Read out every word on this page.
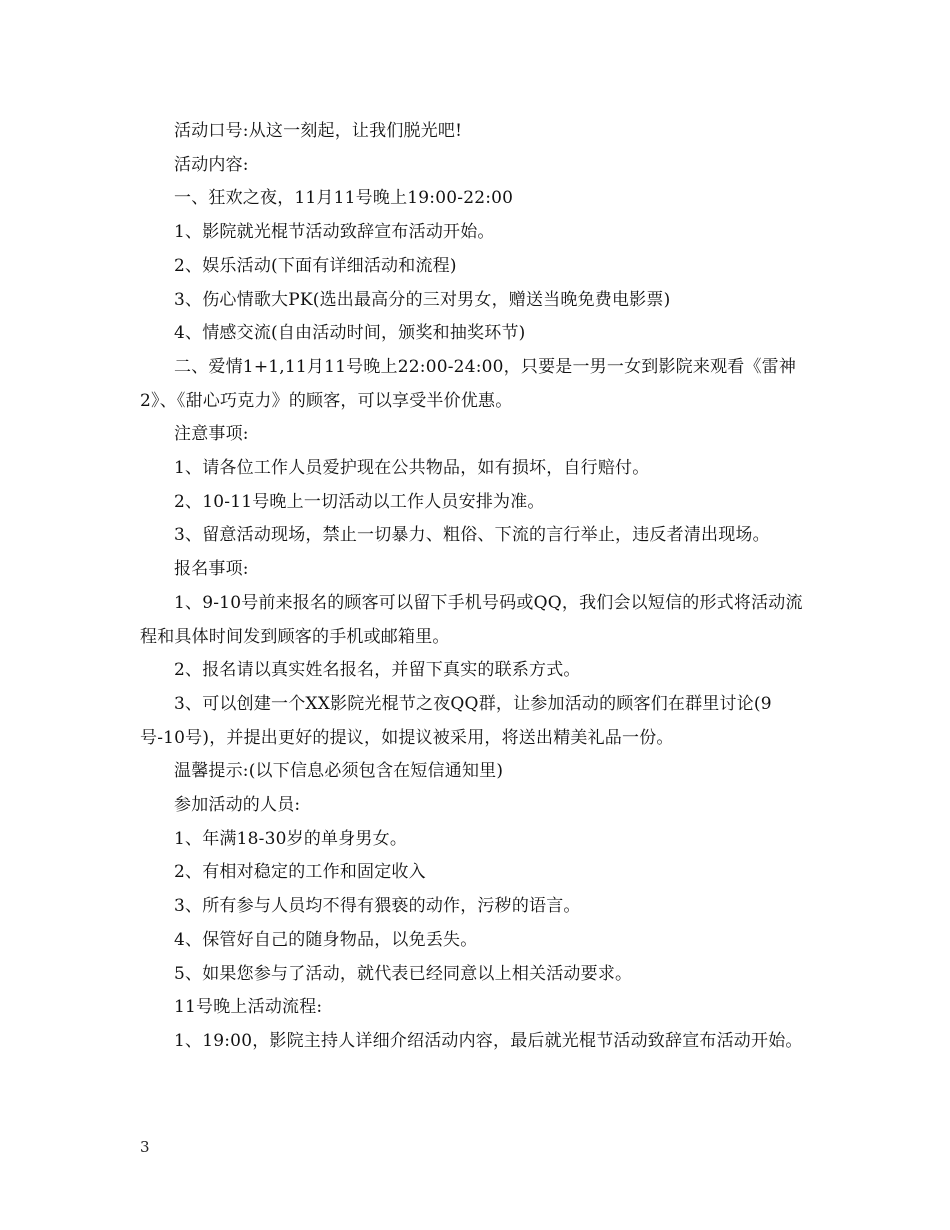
活动口号:从这一刻起，让我们脱光吧!

活动内容:

一、狂欢之夜，11月11号晚上19:00-22:00

1、影院就光棍节活动致辞宣布活动开始。

2、娱乐活动(下面有详细活动和流程)

3、伤心情歌大PK(选出最高分的三对男女，赠送当晚免费电影票)

4、情感交流(自由活动时间，颁奖和抽奖环节)

二、爱情1+1,11月11号晚上22:00-24:00，只要是一男一女到影院来观看《雷神2》、《甜心巧克力》的顾客，可以享受半价优惠。

注意事项:

1、请各位工作人员爱护现在公共物品，如有损坏，自行赔付。

2、10-11号晚上一切活动以工作人员安排为准。

3、留意活动现场，禁止一切暴力、粗俗、下流的言行举止，违反者清出现场。

报名事项:

1、9-10号前来报名的顾客可以留下手机号码或QQ，我们会以短信的形式将活动流程和具体时间发到顾客的手机或邮箱里。

2、报名请以真实姓名报名，并留下真实的联系方式。

3、可以创建一个XX影院光棍节之夜QQ群，让参加活动的顾客们在群里讨论(9号-10号)，并提出更好的提议，如提议被采用，将送出精美礼品一份。

温馨提示:(以下信息必须包含在短信通知里)

参加活动的人员:

1、年满18-30岁的单身男女。

2、有相对稳定的工作和固定收入

3、所有参与人员均不得有猥亵的动作，污秽的语言。

4、保管好自己的随身物品，以免丢失。

5、如果您参与了活动，就代表已经同意以上相关活动要求。

11号晚上活动流程:

1、19:00，影院主持人详细介绍活动内容，最后就光棍节活动致辞宣布活动开始。

3
